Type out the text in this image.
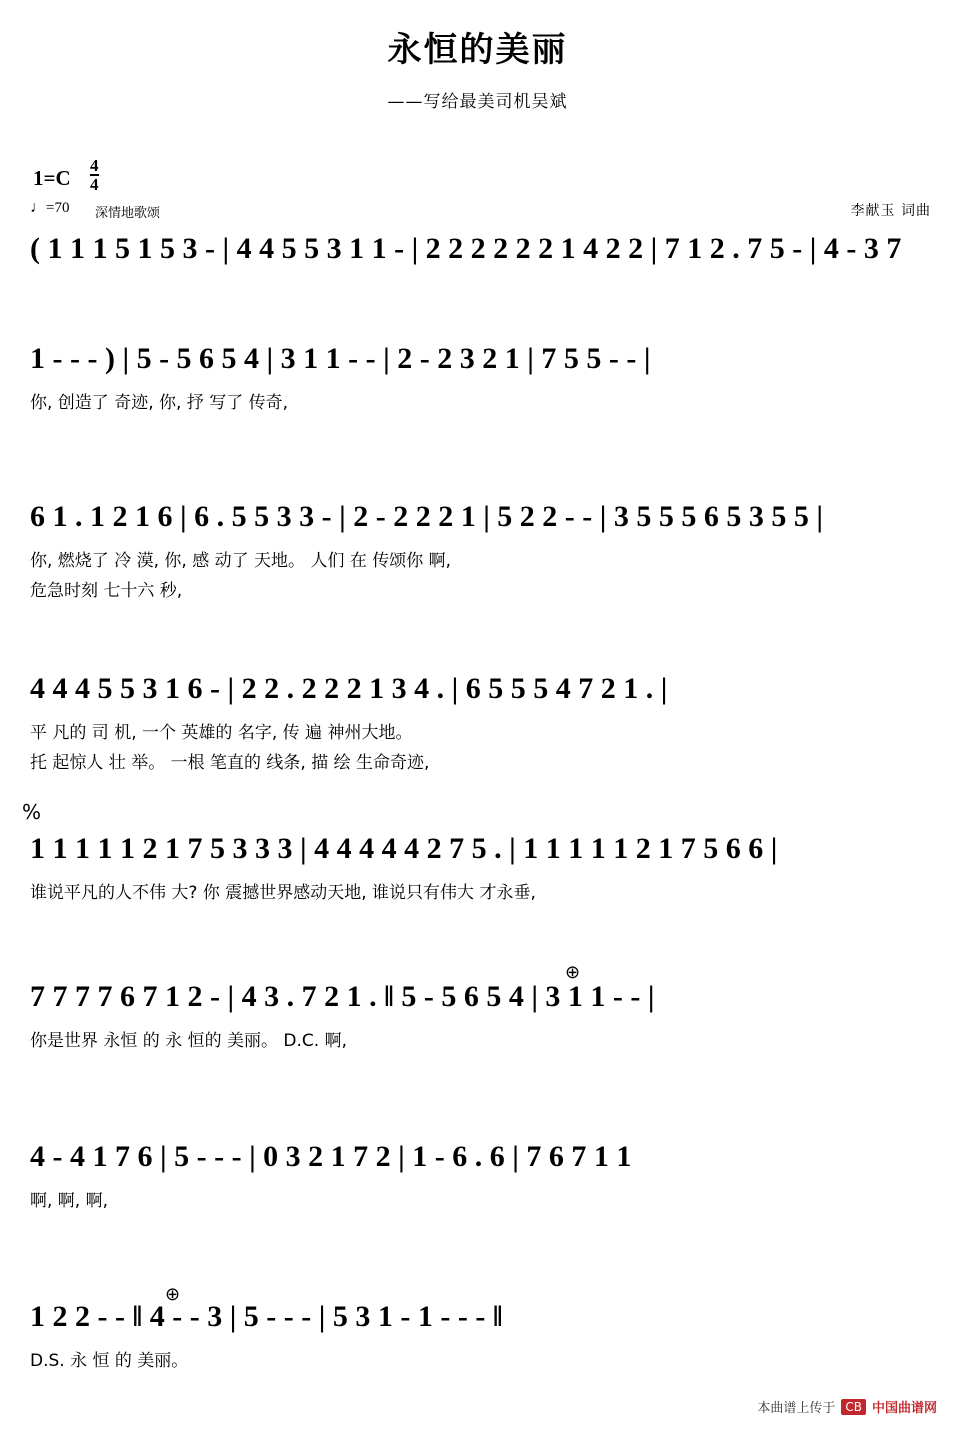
永恒的美丽
——写给最美司机吴斌
$1=C \frac{4}{4}$
♩=70 深情地歌颂	李献玉 词曲
( 1 1 1 5 1 5 3 - | 4 4 5 5 3 1 1 - | 2 2 2 2 2 2 1 4 2 2 | 7 1 2 . 7 5 - | 4 - 3 7
1 - - - ) | 5 - 5 6 5 4 | 3 1 1 - - | 2 - 2 3 2 1 | 7 5 5 - - |
你, 创造了 奇迹, 你, 抒 写了 传奇,
6 1 . 1 2 1 6 | 6 . 5 5 3 3 - | 2 - 2 2 2 1 | 5 2 2 - - | 3 5 5 5 6 5 3 5 5 |
你, 燃烧了 冷 漠, 你, 感 动了 天地。 人们 在 传颂你 啊,
危急时刻 七十六 秒,
4 4 4 5 5 3 1 6 - | 2 2 . 2 2 2 1 3 4 . | 6 5 5 5 4 7 2 1 . |
平 凡的 司 机, 一个 英雄的 名字, 传 遍 神州大地。
托 起惊人 壮 举。 一根 笔直的 线条, 描 绘 生命奇迹,
%
1 1 1 1 1 2 1 7 5 3 3 3 | 4 4 4 4 4 2 7 5 . | 1 1 1 1 1 2 1 7 5 6 6 |
谁说平凡的人不伟 大? 你 震撼世界感动天地, 谁说只有伟大 才永垂,
7 7 7 7 6 7 1 2 - | 4 3 . 7 2 1 . ‖ 5 - 5 6 5 4 | 3 1 1 - - |
你是世界 永恒 的 永 恒的 美丽。 D.C. 啊,
⊕
4 - 4 1 7 6 | 5 - - - | 0 3 2 1 7 2 | 1 - 6 . 6 | 7 6 7 1 1
啊, 啊, 啊,
1 2 2 - - ‖ 4 - - 3 | 5 - - - | 5 3 1 - 1 - - - ‖
D.S. 永 恒 的 美丽。
⊕
本曲谱上传于 CB 中国曲谱网
